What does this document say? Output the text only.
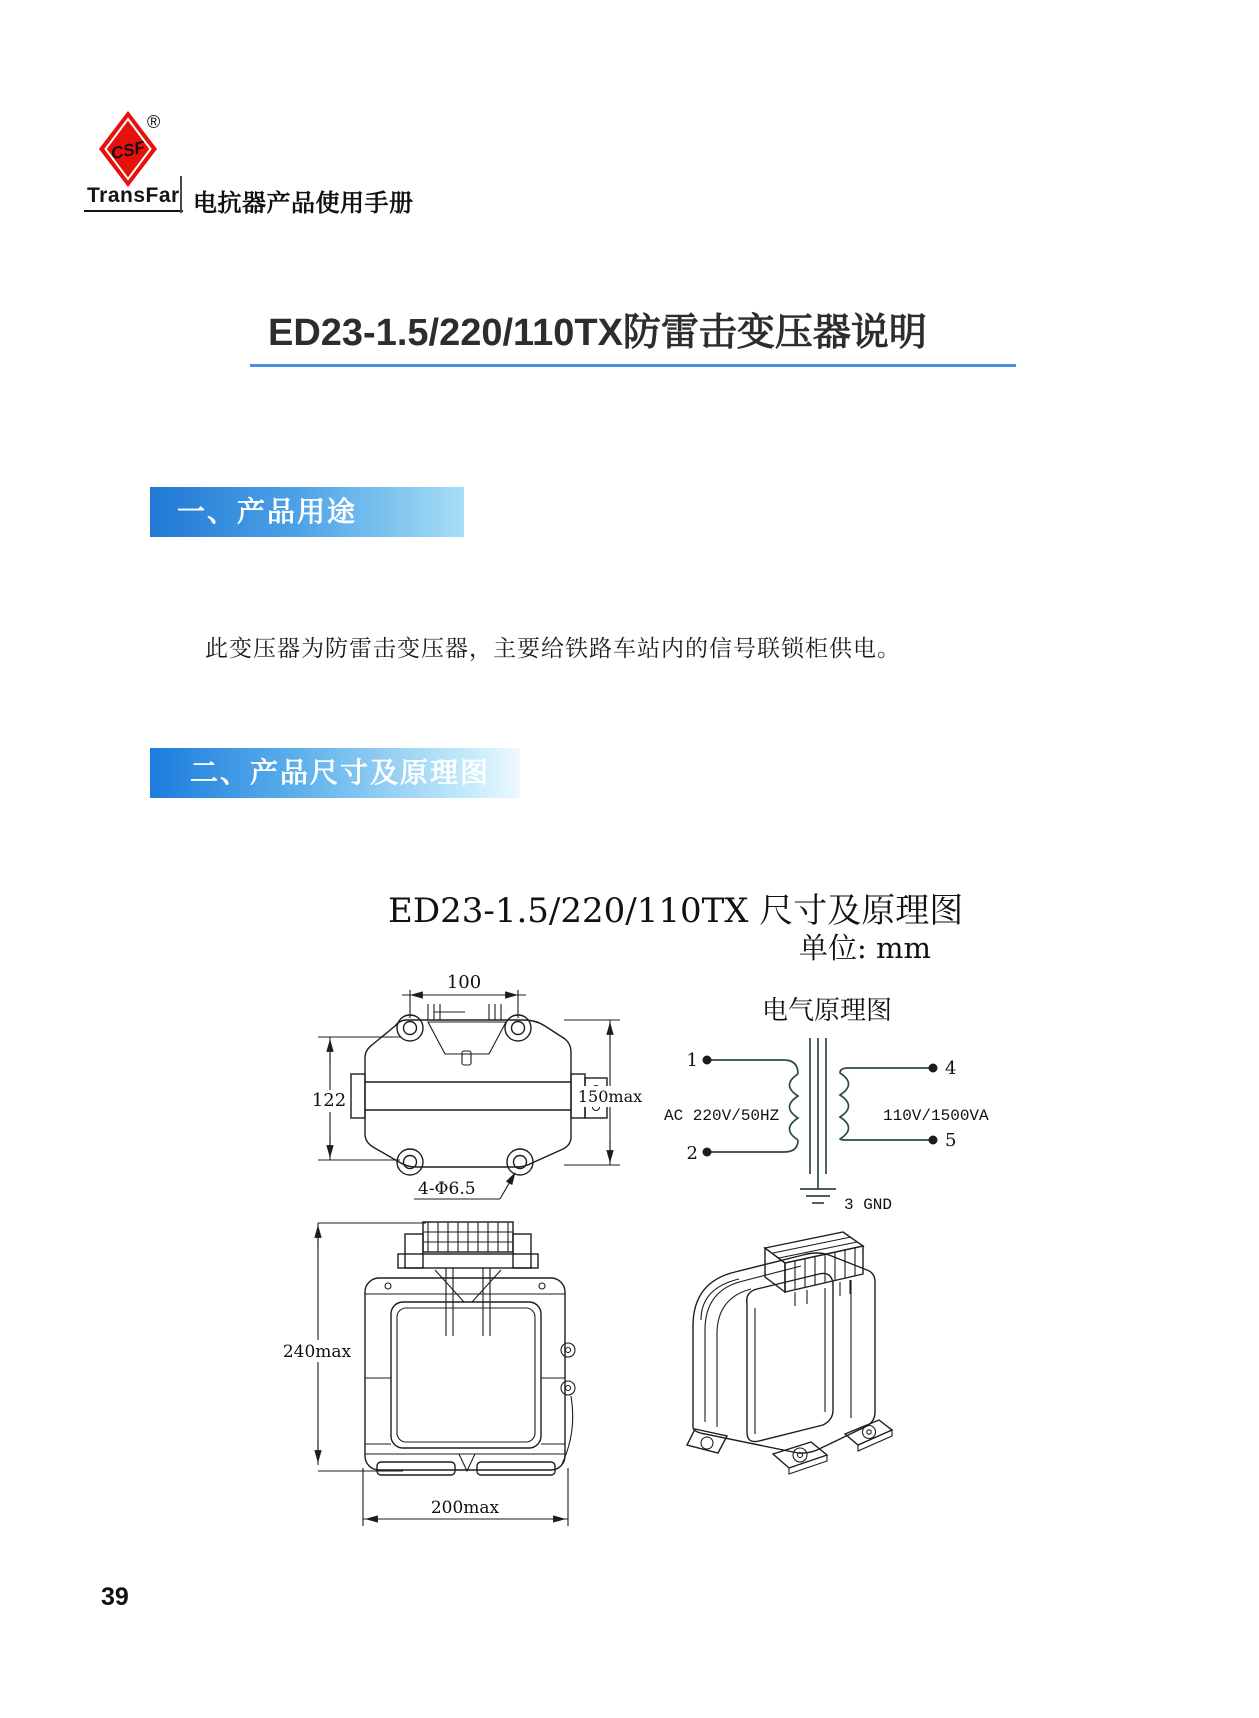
CSF
®
TransFar 电抗器产品使用手册
ED23-1.5/220/110TX防雷击变压器说明
一、产品用途
此变压器为防雷击变压器，主要给铁路车站内的信号联锁柜供电。
二、产品尺寸及原理图
ED23-1.5/220/110TX 尺寸及原理图
单位: mm
电气原理图
100
122	150max
4-Φ6.5
1
2
AC 220V/50HZ
3 GND
4
5
110V/1500VA
240max
200max
39
